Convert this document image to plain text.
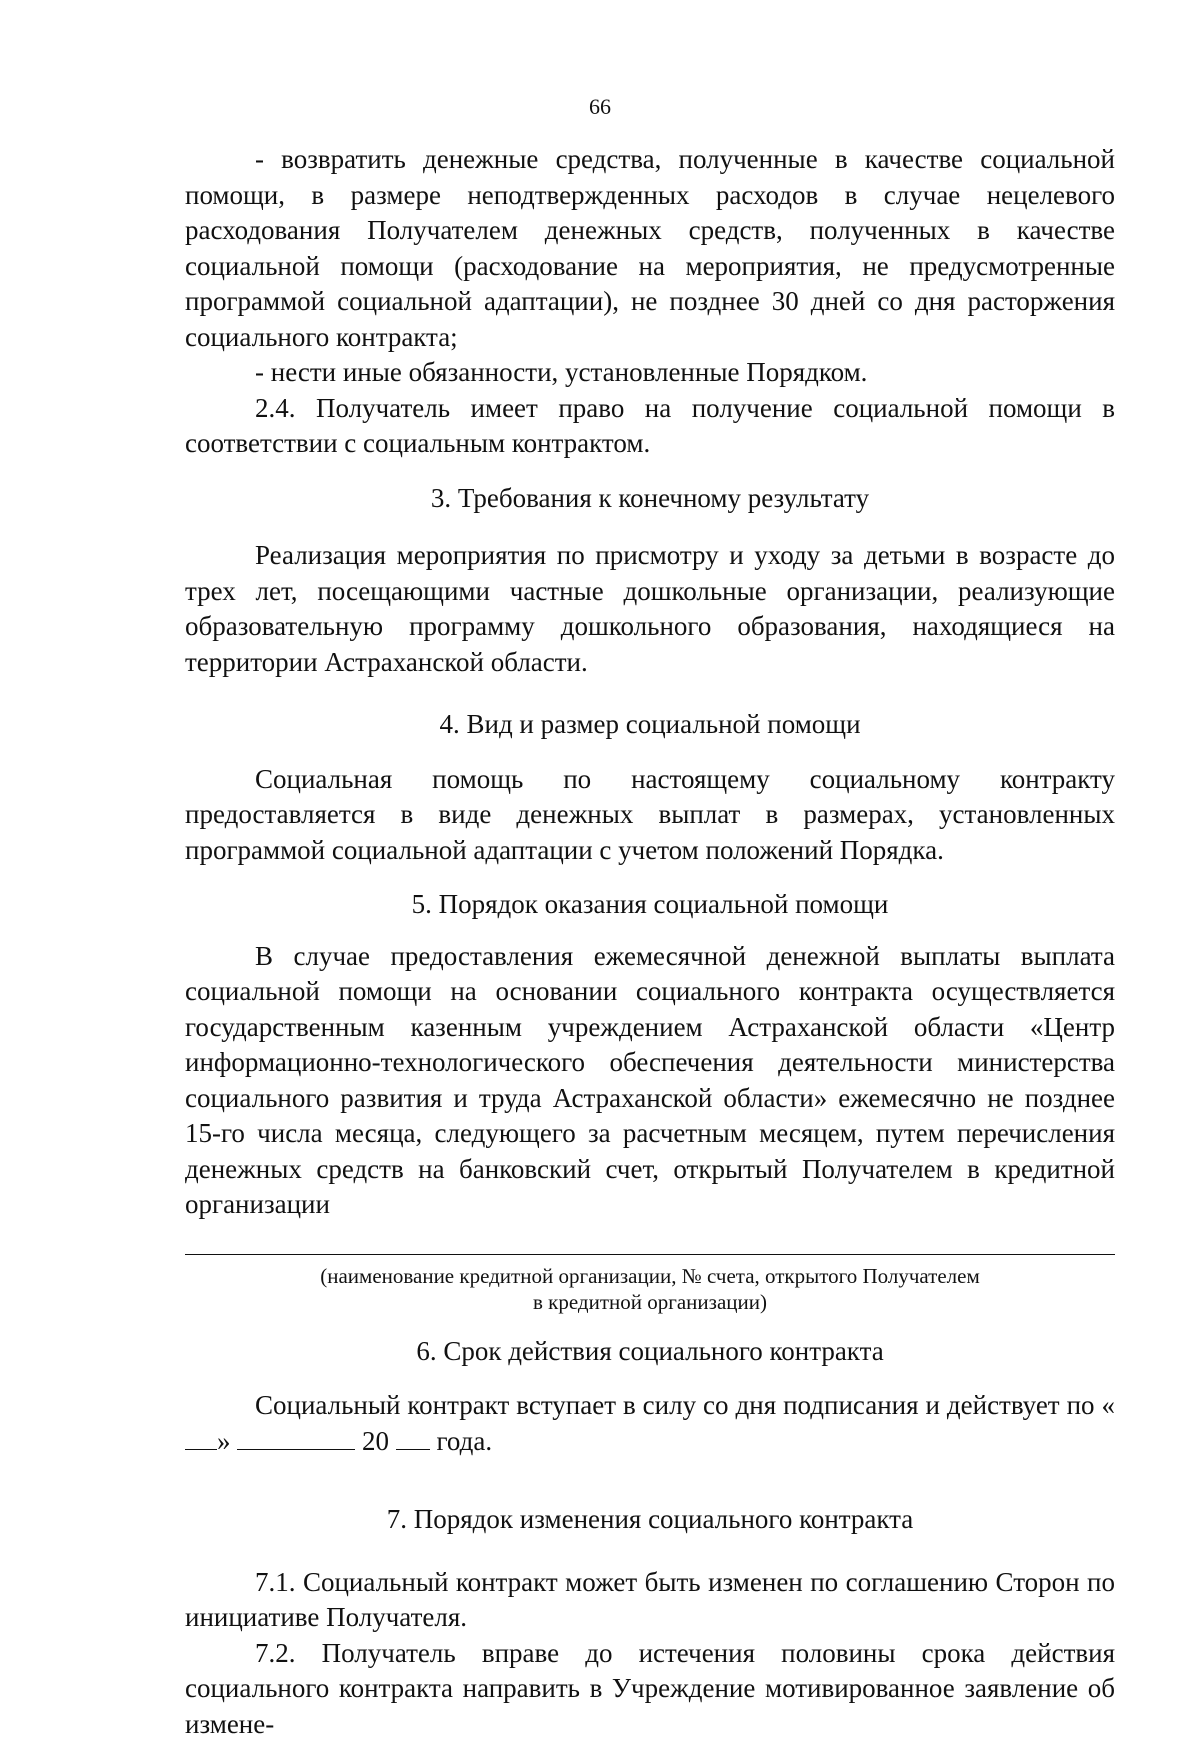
66

- возвратить денежные средства, полученные в качестве социальной помощи, в размере неподтвержденных расходов в случае нецелевого расходования Получателем денежных средств, полученных в качестве социальной помощи (расходование на мероприятия, не предусмотренные программой социальной адаптации), не позднее 30 дней со дня расторжения социального контракта;

- нести иные обязанности, установленные Порядком.

2.4. Получатель имеет право на получение социальной помощи в соответствии с социальным контрактом.

3. Требования к конечному результату

Реализация мероприятия по присмотру и уходу за детьми в возрасте до трех лет, посещающими частные дошкольные организации, реализующие образовательную программу дошкольного образования, находящиеся на территории Астраханской области.

4. Вид и размер социальной помощи

Социальная помощь по настоящему социальному контракту предоставляется в виде денежных выплат в размерах, установленных программой социальной адаптации с учетом положений Порядка.

5. Порядок оказания социальной помощи

В случае предоставления ежемесячной денежной выплаты выплата социальной помощи на основании социального контракта осуществляется государственным казенным учреждением Астраханской области «Центр информационно-технологического обеспечения деятельности министерства социального развития и труда Астраханской области» ежемесячно не позднее 15-го числа месяца, следующего за расчетным месяцем, путем перечисления денежных средств на банковский счет, открытый Получателем в кредитной организации

(наименование кредитной организации, № счета, открытого Получателем
в кредитной организации)
6. Срок действия социального контракта

Социальный контракт вступает в силу со дня подписания и действует по «»	20 года.

7. Порядок изменения социального контракта

7.1. Социальный контракт может быть изменен по соглашению Сторон по инициативе Получателя.

7.2. Получатель вправе до истечения половины срока действия социального контракта направить в Учреждение мотивированное заявление об измене-
